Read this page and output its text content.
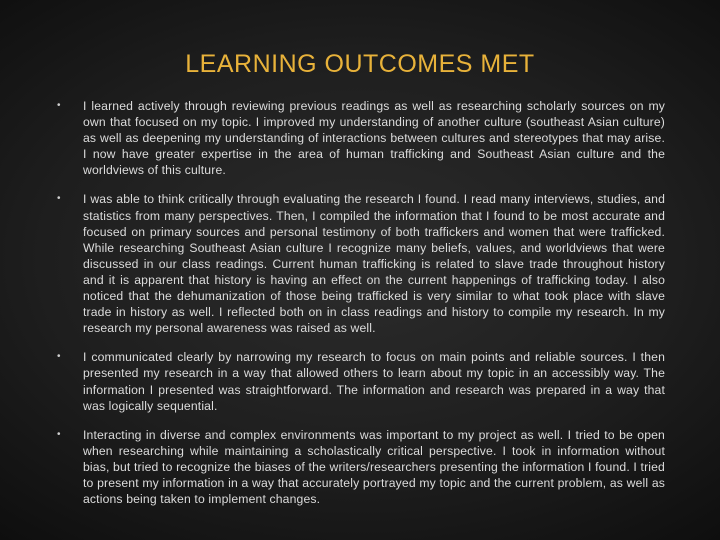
LEARNING OUTCOMES MET
• I learned actively through reviewing previous readings as well as researching scholarly sources on my own that focused on my topic. I improved my understanding of another culture (southeast Asian culture) as well as deepening my understanding of interactions between cultures and stereotypes that may arise. I now have greater expertise in the area of human trafficking and Southeast Asian culture and the worldviews of this culture.
• I was able to think critically through evaluating the research I found. I read many interviews, studies, and statistics from many perspectives. Then, I compiled the information that I found to be most accurate and focused on primary sources and personal testimony of both traffickers and women that were trafficked. While researching Southeast Asian culture I recognize many beliefs, values, and worldviews that were discussed in our class readings. Current human trafficking is related to slave trade throughout history and it is apparent that history is having an effect on the current happenings of trafficking today. I also noticed that the dehumanization of those being trafficked is very similar to what took place with slave trade in history as well. I reflected both on in class readings and history to compile my research. In my research my personal awareness was raised as well.
• I communicated clearly by narrowing my research to focus on main points and reliable sources. I then presented my research in a way that allowed others to learn about my topic in an accessibly way. The information I presented was straightforward. The information and research was prepared in a way that was logically sequential.
• Interacting in diverse and complex environments was important to my project as well. I tried to be open when researching while maintaining a scholastically critical perspective. I took in information without bias, but tried to recognize the biases of the writers/researchers presenting the information I found. I tried to present my information in a way that accurately portrayed my topic and the current problem, as well as actions being taken to implement changes.
